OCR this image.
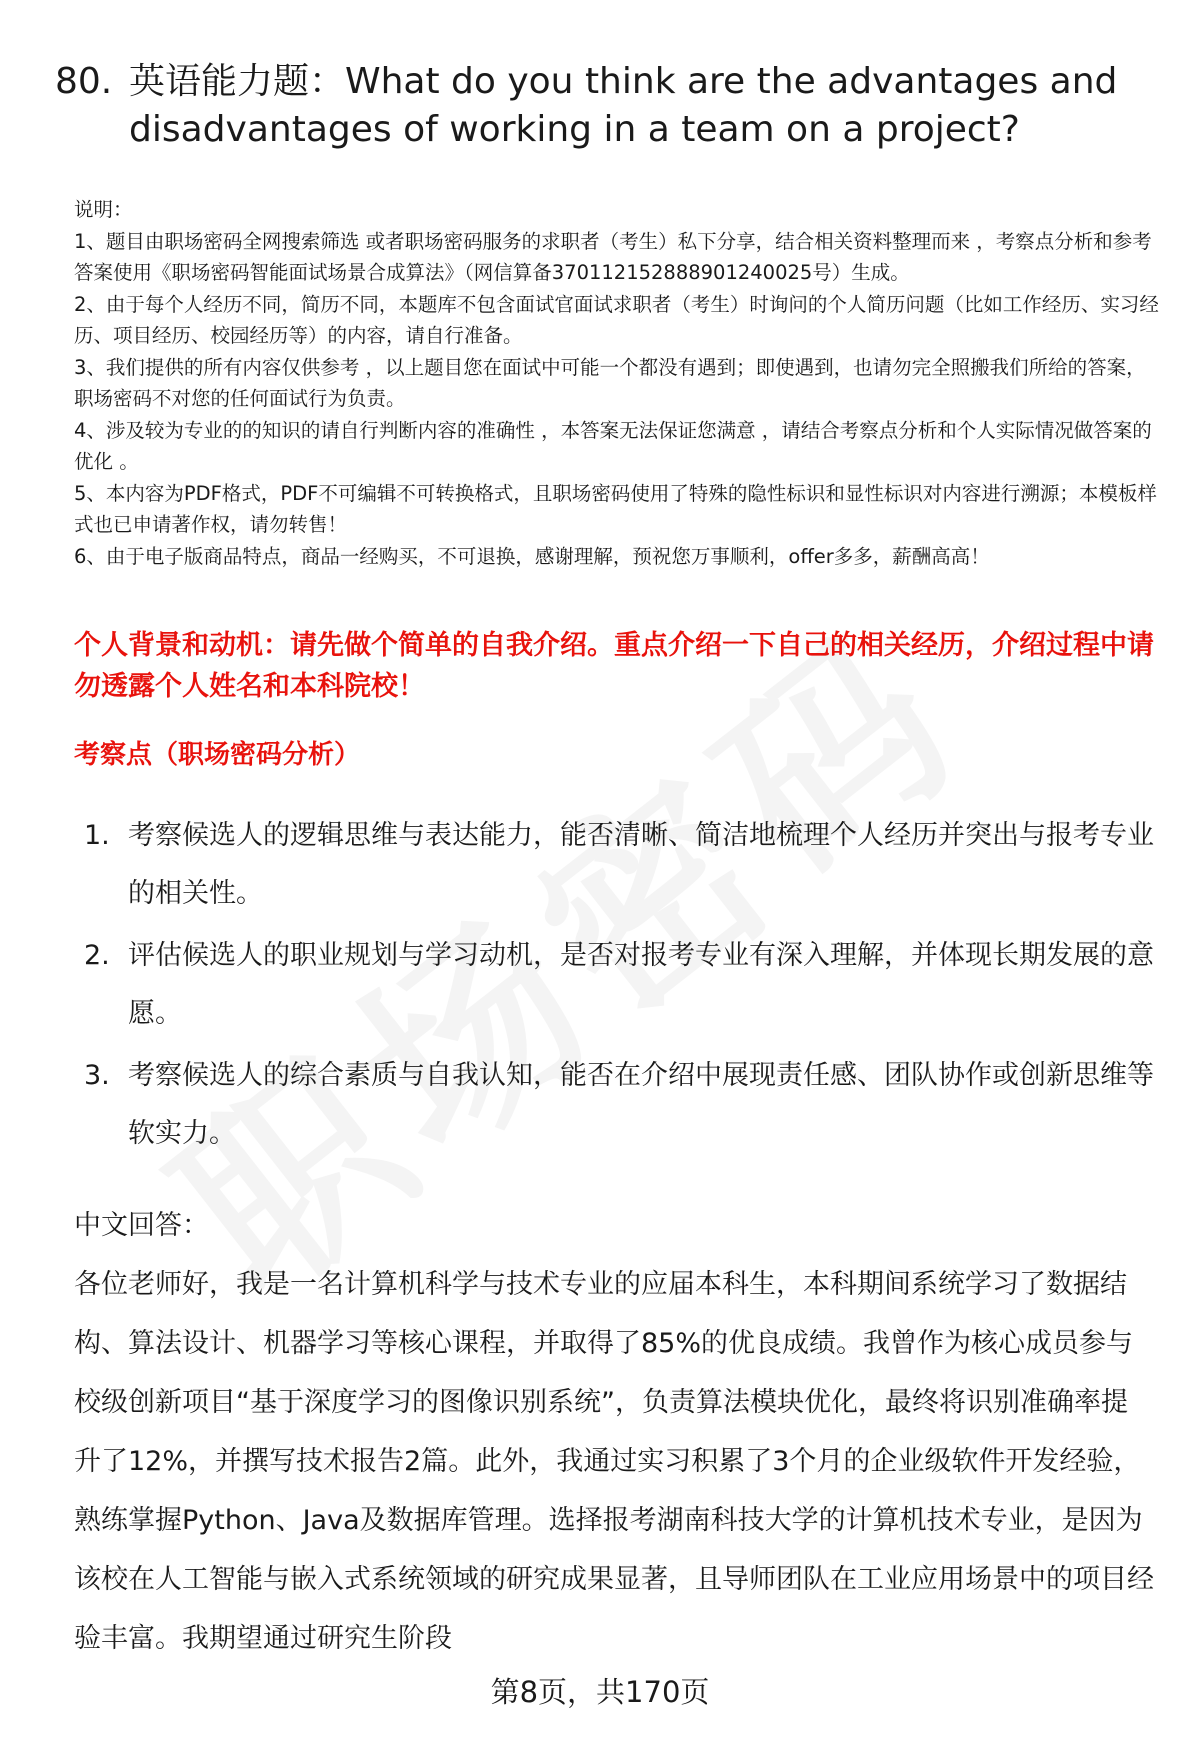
80. 英语能力题：What do you think are the advantages and disadvantages of working in a team on a project?

说明：

1、题目由职场密码全网搜索筛选 或者职场密码服务的求职者（考生）私下分享，结合相关资料整理而来 ，考察点分析和参考答案使用《职场密码智能面试场景合成算法》（网信算备370112152888901240025号）生成。

2、由于每个人经历不同，简历不同，本题库不包含面试官面试求职者（考生）时询问的个人简历问题（比如工作经历、实习经历、项目经历、校园经历等）的内容，请自行准备。

3、我们提供的所有内容仅供参考 ，以上题目您在面试中可能一个都没有遇到；即使遇到，也请勿完全照搬我们所给的答案，职场密码不对您的任何面试行为负责。

4、涉及较为专业的的知识的请自行判断内容的准确性 ，本答案无法保证您满意 ，请结合考察点分析和个人实际情况做答案的优化 。

5、本内容为PDF格式，PDF不可编辑不可转换格式，且职场密码使用了特殊的隐性标识和显性标识对内容进行溯源；本模板样式也已申请著作权，请勿转售！

6、由于电子版商品特点，商品一经购买，不可退换，感谢理解，预祝您万事顺利，offer多多，薪酬高高！

个人背景和动机：请先做个简单的自我介绍。重点介绍一下自己的相关经历，介绍过程中请勿透露个人姓名和本科院校！
考察点（职场密码分析）
1. 考察候选人的逻辑思维与表达能力，能否清晰、简洁地梳理个人经历并突出与报考专业的相关性。
2. 评估候选人的职业规划与学习动机，是否对报考专业有深入理解，并体现长期发展的意愿。
3. 考察候选人的综合素质与自我认知，能否在介绍中展现责任感、团队协作或创新思维等软实力。

中文回答：

各位老师好，我是一名计算机科学与技术专业的应届本科生，本科期间系统学习了数据结构、算法设计、机器学习等核心课程，并取得了85%的优良成绩。我曾作为核心成员参与校级创新项目“基于深度学习的图像识别系统”，负责算法模块优化，最终将识别准确率提升了12%，并撰写技术报告2篇。此外，我通过实习积累了3个月的企业级软件开发经验，熟练掌握Python、Java及数据库管理。选择报考湖南科技大学的计算机技术专业，是因为该校在人工智能与嵌入式系统领域的研究成果显著，且导师团队在工业应用场景中的项目经验丰富。我期望通过研究生阶段

第8页，共170页
